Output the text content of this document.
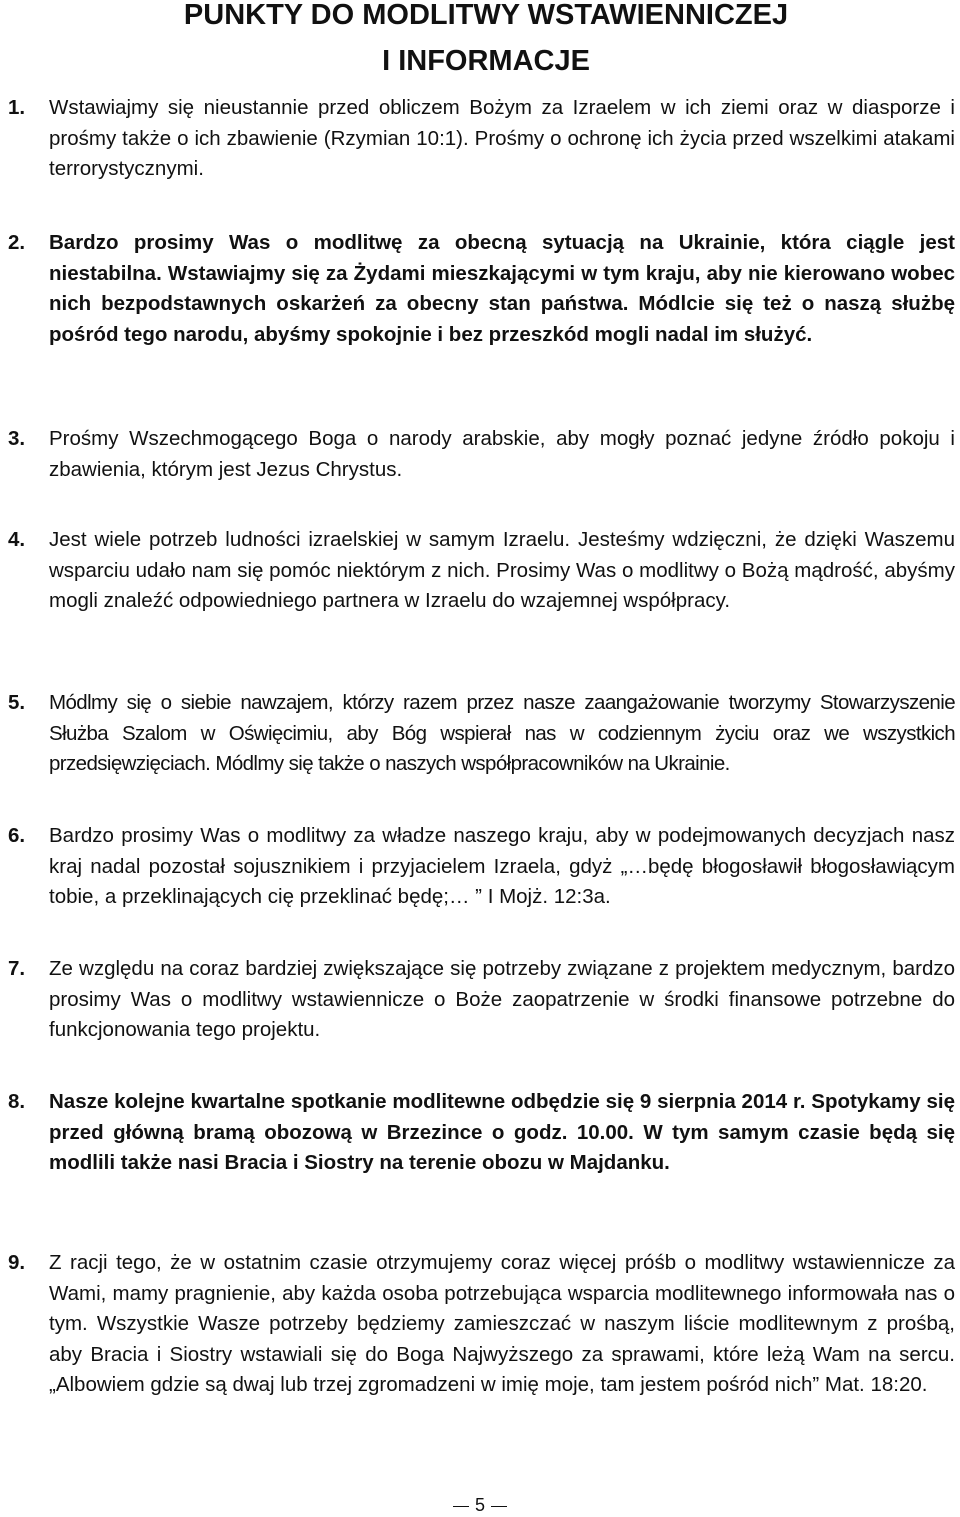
PUNKTY DO MODLITWY WSTAWIENNICZEJ
I INFORMACJE
1. Wstawiajmy się nieustannie przed obliczem Bożym za Izraelem w ich ziemi oraz w diasporze i prośmy także o ich zbawienie (Rzymian 10:1). Prośmy o ochronę ich życia przed wszelkimi atakami terrorystycznymi.
2. Bardzo prosimy Was o modlitwę za obecną sytuacją na Ukrainie, która ciągle jest niestabilna. Wstawiajmy się za Żydami mieszkającymi w tym kraju, aby nie kierowano wobec nich bezpodstawnych oskarżeń za obecny stan państwa. Módlcie się też o naszą służbę pośród tego narodu, abyśmy spokojnie i bez przeszkód mogli nadal im służyć.
3. Prośmy Wszechmogącego Boga o narody arabskie, aby mogły poznać jedyne źródło pokoju i zbawienia, którym jest Jezus Chrystus.
4. Jest wiele potrzeb ludności izraelskiej w samym Izraelu. Jesteśmy wdzięczni, że dzięki Waszemu wsparciu udało nam się pomóc niektórym z nich. Prosimy Was o modlitwy o Bożą mądrość, abyśmy mogli znaleźć odpowiedniego partnera w Izraelu do wzajemnej współpracy.
5. Módlmy się o siebie nawzajem, którzy razem przez nasze zaangażowanie tworzymy Stowarzyszenie Służba Szalom w Oświęcimiu, aby Bóg wspierał nas w codziennym życiu oraz we wszystkich przedsięwzięciach. Módlmy się także o naszych współpracowników na Ukrainie.
6. Bardzo prosimy Was o modlitwy za władze naszego kraju, aby w podejmowanych decyzjach nasz kraj nadal pozostał sojusznikiem i przyjacielem Izraela, gdyż „…będę błogosławił błogosławiącym tobie, a przeklinających cię przeklinać będę;… ” I Mojż. 12:3a.
7. Ze względu na coraz bardziej zwiększające się potrzeby związane z projektem medycznym, bardzo prosimy Was o modlitwy wstawiennicze o Boże zaopatrzenie w środki finansowe potrzebne do funkcjonowania tego projektu.
8. Nasze kolejne kwartalne spotkanie modlitewne odbędzie się 9 sierpnia 2014 r. Spotykamy się przed główną bramą obozową w Brzezince o godz. 10.00. W tym samym czasie będą się modlili także nasi Bracia i Siostry na terenie obozu w Majdanku.
9. Z racji tego, że w ostatnim czasie otrzymujemy coraz więcej próśb o modlitwy wstawiennicze za Wami, mamy pragnienie, aby każda osoba potrzebująca wsparcia modlitewnego informowała nas o tym. Wszystkie Wasze potrzeby będziemy zamieszczać w naszym liście modlitewnym z prośbą, aby Bracia i Siostry wstawiali się do Boga Najwyższego za sprawami, które leżą Wam na sercu. „Albowiem gdzie są dwaj lub trzej zgromadzeni w imię moje, tam jestem pośród nich” Mat. 18:20.
5
